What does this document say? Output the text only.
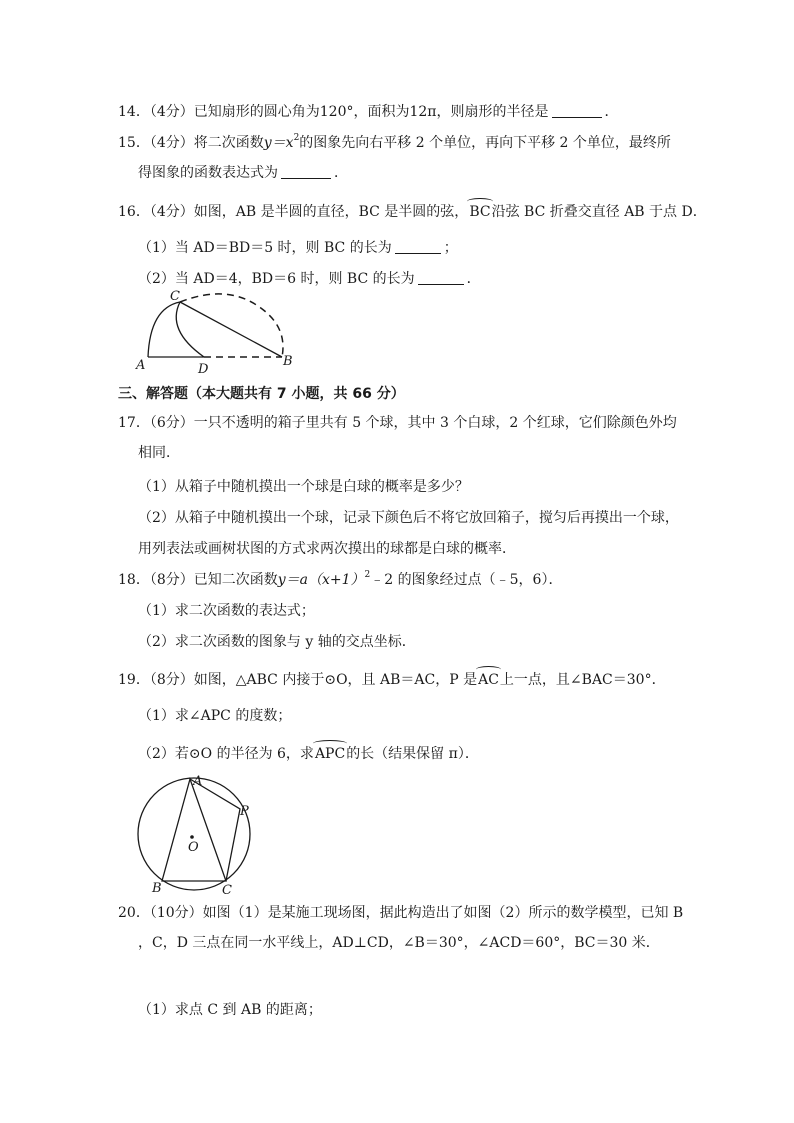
14．（4分）已知扇形的圆心角为120°，面积为12π，则扇形的半径是	．
15．（4分）将二次函数$y=x^2$的图象先向右平移 2 个单位，再向下平移 2 个单位，最终所
得图象的函数表达式为	．
16．（4分）如图，AB 是半圆的直径，BC 是半圆的弦，BC沿弦 BC 折叠交直径 AB 于点 D．
（1）当 AD＝BD＝5 时，则 BC 的长为	；
（2）当 AD＝4，BD＝6 时，则 BC 的长为	．
C
A	D
B
三、解答题（本大题共有 7 小题，共 66 分）
17．（6分）一只不透明的箱子里共有 5 个球，其中 3 个白球，2 个红球，它们除颜色外均
相同．
（1）从箱子中随机摸出一个球是白球的概率是多少？
（2）从箱子中随机摸出一个球，记录下颜色后不将它放回箱子，搅匀后再摸出一个球，
用列表法或画树状图的方式求两次摸出的球都是白球的概率．
18．（8分）已知二次函数$y=a(x+1)^2﹣2$ 的图象经过点（﹣5，6）．
（1）求二次函数的表达式；
（2）求二次函数的图象与 y 轴的交点坐标．
19．（8分）如图，△ABC 内接于⊙O，且 AB＝AC，P 是AC上一点，且∠BAC＝30°．
（1）求∠APC 的度数；
（2）若⊙O 的半径为 6，求APC的长（结果保留 π）．
A
P
O
B	C
20．（10分）如图（1）是某施工现场图，据此构造出了如图（2）所示的数学模型，已知 B
，C，D 三点在同一水平线上，AD⊥CD，∠B＝30°，∠ACD＝60°，BC＝30 米．
（1）求点 C 到 AB 的距离；
